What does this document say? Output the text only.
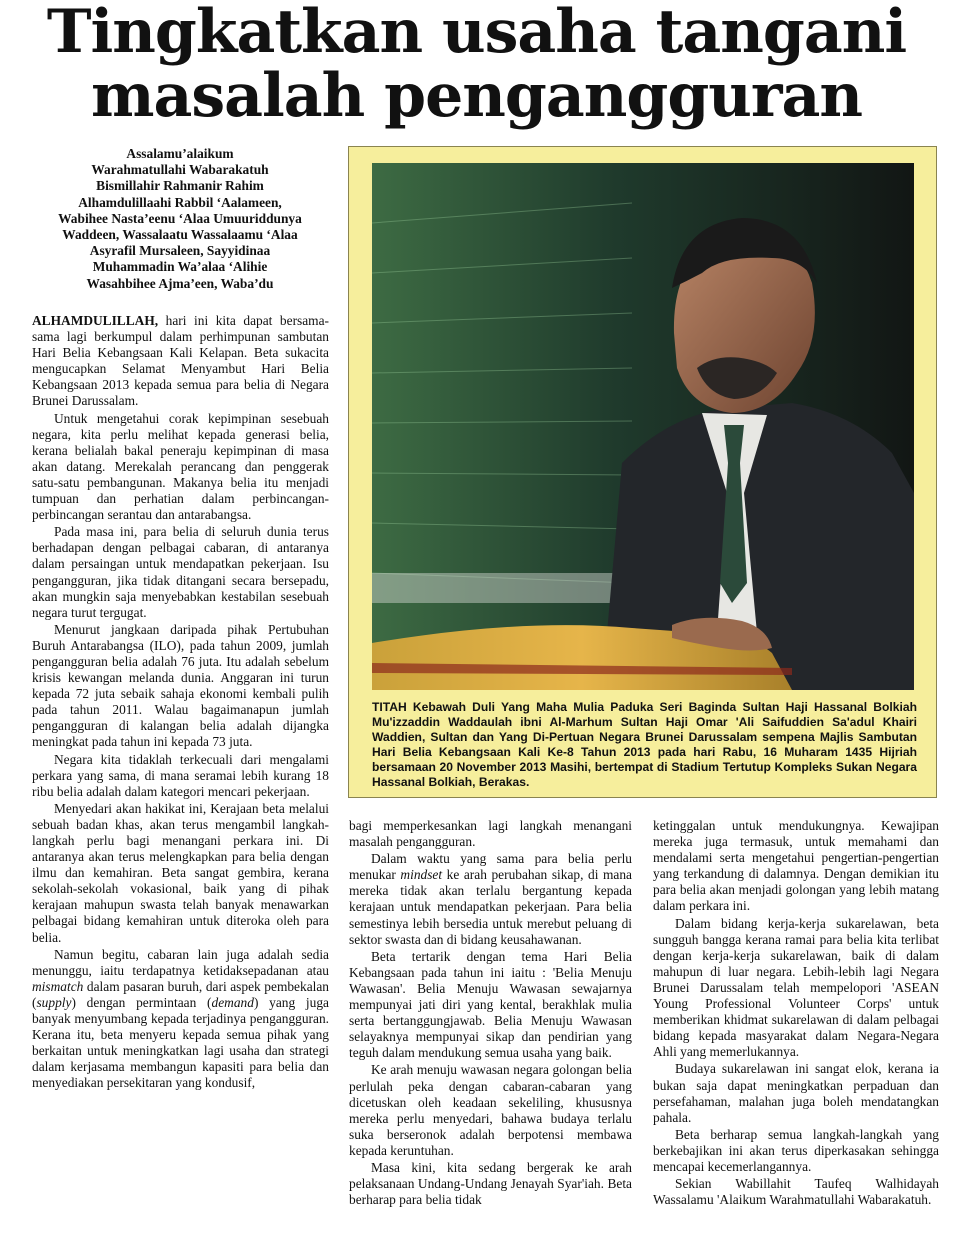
Tingkatkan usaha tangani
masalah pengangguran
Assalamu’alaikum
Warahmatullahi Wabarakatuh
Bismillahir Rahmanir Rahim
Alhamdulillaahi Rabbil ‘Aalameen,
Wabihee Nasta’eenu ‘Alaa Umuuriddunya
Waddeen, Wassalaatu Wassalaamu ‘Alaa
Asyrafil Mursaleen, Sayyidinaa
Muhammadin Wa’alaa ‘Alihie
Wasahbihee Ajma’een, Waba’du
TITAH Kebawah Duli Yang Maha Mulia Paduka Seri Baginda Sultan Haji Hassanal Bolkiah Mu'izzaddin Waddaulah ibni Al-Marhum Sultan Haji Omar 'Ali Saifuddien Sa'adul Khairi Waddien, Sultan dan Yang Di-Pertuan Negara Brunei Darussalam sempena Majlis Sambutan Hari Belia Kebangsaan Kali Ke-8 Tahun 2013 pada hari Rabu, 16 Muharam 1435 Hijriah bersamaan 20 November 2013 Masihi, bertempat di Stadium Tertutup Kompleks Sukan Negara Hassanal Bolkiah, Berakas.

ALHAMDULILLAH, hari ini kita dapat bersama-sama lagi berkumpul dalam perhimpunan sambutan Hari Belia Kebangsaan Kali Kelapan. Beta sukacita mengucapkan Selamat Menyambut Hari Belia Kebangsaan 2013 kepada semua para belia di Negara Brunei Darussalam.

Untuk mengetahui corak kepimpinan sesebuah negara, kita perlu melihat kepada generasi belia, kerana belialah bakal peneraju kepimpinan di masa akan datang. Merekalah perancang dan penggerak satu-satu pembangunan. Makanya belia itu menjadi tumpuan dan perhatian dalam perbincangan-perbincangan serantau dan antarabangsa.

Pada masa ini, para belia di seluruh dunia terus berhadapan dengan pelbagai cabaran, di antaranya dalam persaingan untuk mendapatkan pekerjaan. Isu pengangguran, jika tidak ditangani secara bersepadu, akan mungkin saja menyebabkan kestabilan sesebuah negara turut tergugat.

Menurut jangkaan daripada pihak Pertubuhan Buruh Antarabangsa (ILO), pada tahun 2009, jumlah pengangguran belia adalah 76 juta. Itu adalah sebelum krisis kewangan melanda dunia. Anggaran ini turun kepada 72 juta sebaik sahaja ekonomi kembali pulih pada tahun 2011. Walau bagaimanapun jumlah pengangguran di kalangan belia adalah dijangka meningkat pada tahun ini kepada 73 juta.

Negara kita tidaklah terkecuali dari mengalami perkara yang sama, di mana seramai lebih kurang 18 ribu belia adalah dalam kategori mencari pekerjaan.

Menyedari akan hakikat ini, Kerajaan beta melalui sebuah badan khas, akan terus mengambil langkah-langkah perlu bagi menangani perkara ini. Di antaranya akan terus melengkapkan para belia dengan ilmu dan kemahiran. Beta sangat gembira, kerana sekolah-sekolah vokasional, baik yang di pihak kerajaan mahupun swasta telah banyak menawarkan pelbagai bidang kemahiran untuk diteroka oleh para belia.

Namun begitu, cabaran lain juga adalah sedia menunggu, iaitu terdapatnya ketidaksepadanan atau mismatch dalam pasaran buruh, dari aspek pembekalan (supply) dengan permintaan (demand) yang juga banyak menyumbang kepada terjadinya pengangguran. Kerana itu, beta menyeru kepada semua pihak yang berkaitan untuk meningkatkan lagi usaha dan strategi dalam kerjasama membangun kapasiti para belia dan menyediakan persekitaran yang kondusif,

bagi memperkesankan lagi langkah menangani masalah pengangguran.

Dalam waktu yang sama para belia perlu menukar mindset ke arah perubahan sikap, di mana mereka tidak akan terlalu bergantung kepada kerajaan untuk mendapatkan pekerjaan. Para belia semestinya lebih bersedia untuk merebut peluang di sektor swasta dan di bidang keusahawanan.

Beta tertarik dengan tema Hari Belia Kebangsaan pada tahun ini iaitu : 'Belia Menuju Wawasan'. Belia Menuju Wawasan sewajarnya mempunyai jati diri yang kental, berakhlak mulia serta bertanggungjawab. Belia Menuju Wawasan selayaknya mempunyai sikap dan pendirian yang teguh dalam mendukung semua usaha yang baik.

Ke arah menuju wawasan negara golongan belia perlulah peka dengan cabaran-cabaran yang dicetuskan oleh keadaan sekeliling, khususnya mereka perlu menyedari, bahawa budaya terlalu suka berseronok adalah berpotensi membawa kepada keruntuhan.

Masa kini, kita sedang bergerak ke arah pelaksanaan Undang-Undang Jenayah Syar'iah. Beta berharap para belia tidak

ketinggalan untuk mendukungnya. Kewajipan mereka juga termasuk, untuk memahami dan mendalami serta mengetahui pengertian-pengertian yang terkandung di dalamnya. Dengan demikian itu para belia akan menjadi golongan yang lebih matang dalam perkara ini.

Dalam bidang kerja-kerja sukarelawan, beta sungguh bangga kerana ramai para belia kita terlibat dengan kerja-kerja sukarelawan, baik di dalam mahupun di luar negara. Lebih-lebih lagi Negara Brunei Darussalam telah mempelopori 'ASEAN Young Professional Volunteer Corps' untuk memberikan khidmat sukarelawan di dalam pelbagai bidang kepada masyarakat dalam Negara-Negara Ahli yang memerlukannya.

Budaya sukarelawan ini sangat elok, kerana ia bukan saja dapat meningkatkan perpaduan dan persefahaman, malahan juga boleh mendatangkan pahala.

Beta berharap semua langkah-langkah yang berkebajikan ini akan terus diperkasakan sehingga mencapai kecemerlangannya.

Sekian Wabillahit Taufeq Walhidayah Wassalamu 'Alaikum Warahmatullahi Wabarakatuh.
